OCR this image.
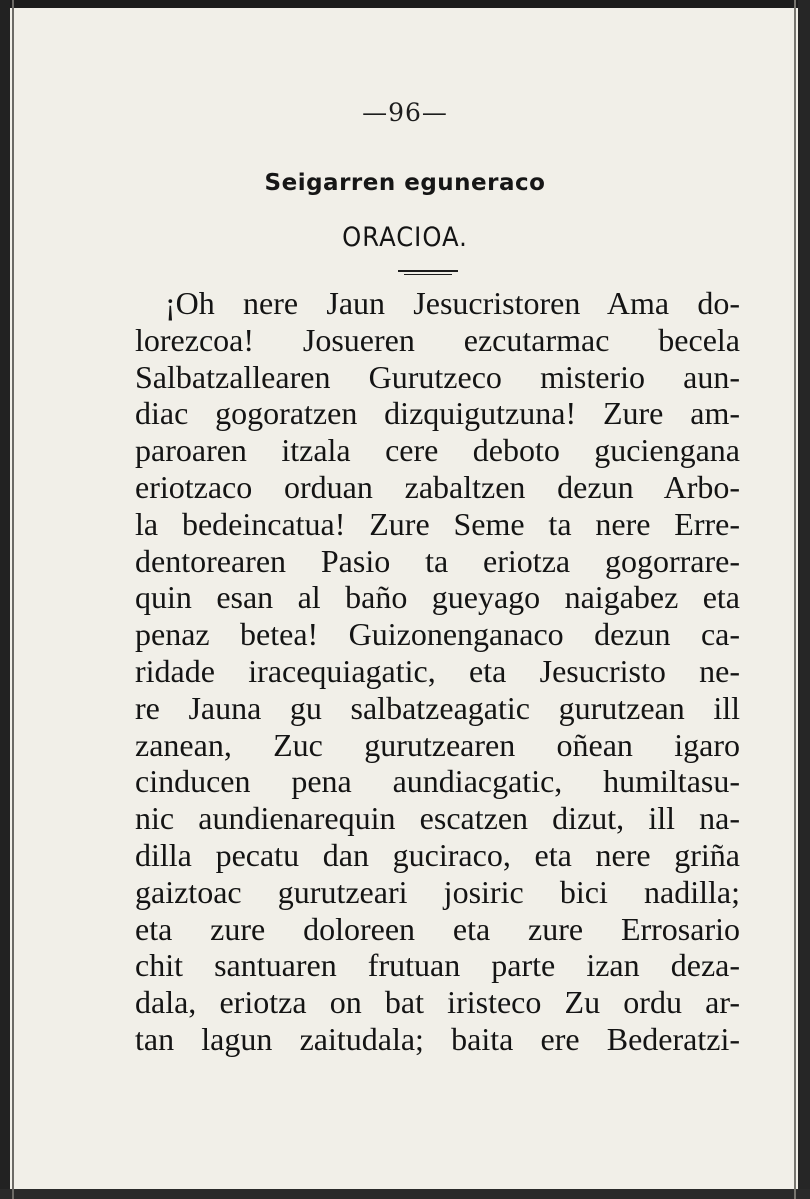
—96—
Seigarren eguneraco
ORACIOA.
¡Oh nere Jaun Jesucristoren Ama do-
lorezcoa! Josueren ezcutarmac becela
Salbatzallearen Gurutzeco misterio aun-
diac gogoratzen dizquigutzuna! Zure am-
paroaren itzala cere deboto guciengana
eriotzaco orduan zabaltzen dezun Arbo-
la bedeincatua! Zure Seme ta nere Erre-
dentorearen Pasio ta eriotza gogorrare-
quin esan al baño gueyago naigabez eta
penaz betea! Guizonenganaco dezun ca-
ridade iracequiagatic, eta Jesucristo ne-
re Jauna gu salbatzeagatic gurutzean ill
zanean, Zuc gurutzearen oñean igaro
cinducen pena aundiacgatic, humiltasu-
nic aundienarequin escatzen dizut, ill na-
dilla pecatu dan guciraco, eta nere griña
gaiztoac gurutzeari josiric bici nadilla;
eta zure doloreen eta zure Errosario
chit santuaren frutuan parte izan deza-
dala, eriotza on bat iristeco Zu ordu ar-
tan lagun zaitudala; baita ere Bederatzi-
